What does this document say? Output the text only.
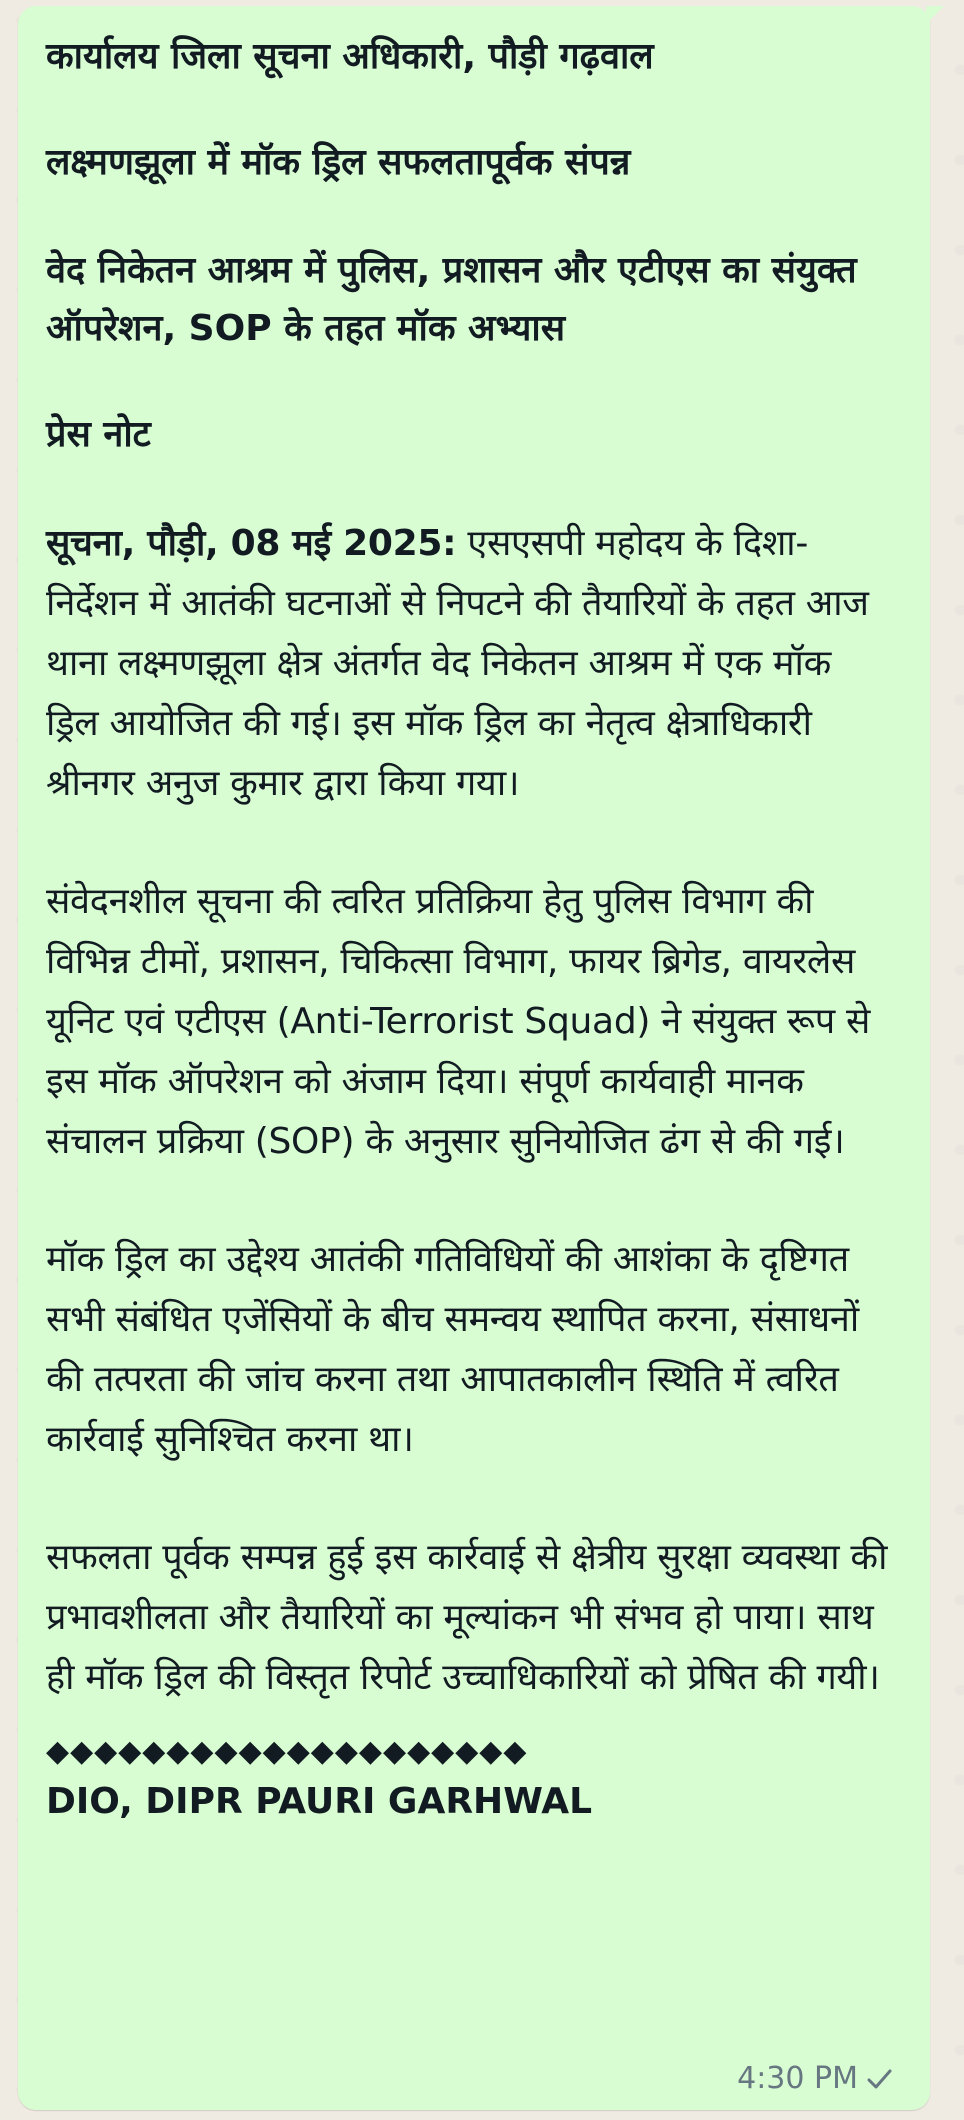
कार्यालय जिला सूचना अधिकारी, पौड़ी गढ़वाल

लक्ष्मणझूला में मॉक ड्रिल सफलतापूर्वक संपन्न

वेद निकेतन आश्रम में पुलिस, प्रशासन और एटीएस का संयुक्त ऑपरेशन, SOP के तहत मॉक अभ्यास

प्रेस नोट

सूचना, पौड़ी, 08 मई 2025: एसएसपी महोदय के दिशा-निर्देशन में आतंकी घटनाओं से निपटने की तैयारियों के तहत आज थाना लक्ष्मणझूला क्षेत्र अंतर्गत वेद निकेतन आश्रम में एक मॉक ड्रिल आयोजित की गई। इस मॉक ड्रिल का नेतृत्व क्षेत्राधिकारी श्रीनगर अनुज कुमार द्वारा किया गया।

संवेदनशील सूचना की त्वरित प्रतिक्रिया हेतु पुलिस विभाग की विभिन्न टीमों, प्रशासन, चिकित्सा विभाग, फायर ब्रिगेड, वायरलेस यूनिट एवं एटीएस (Anti-Terrorist Squad) ने संयुक्त रूप से इस मॉक ऑपरेशन को अंजाम दिया। संपूर्ण कार्यवाही मानक संचालन प्रक्रिया (SOP) के अनुसार सुनियोजित ढंग से की गई।

मॉक ड्रिल का उद्देश्य आतंकी गतिविधियों की आशंका के दृष्टिगत सभी संबंधित एजेंसियों के बीच समन्वय स्थापित करना, संसाधनों की तत्परता की जांच करना तथा आपातकालीन स्थिति में त्वरित कार्रवाई सुनिश्चित करना था।

सफलता पूर्वक सम्पन्न हुई इस कार्रवाई से क्षेत्रीय सुरक्षा व्यवस्था की प्रभावशीलता और तैयारियों का मूल्यांकन भी संभव हो पाया। साथ ही मॉक ड्रिल की विस्तृत रिपोर्ट उच्चाधिकारियों को प्रेषित की गयी।

◆◆◆◆◆◆◆◆◆◆◆◆◆◆◆◆◆◆◆◆

DIO, DIPR PAURI GARHWAL

4:30 PM
